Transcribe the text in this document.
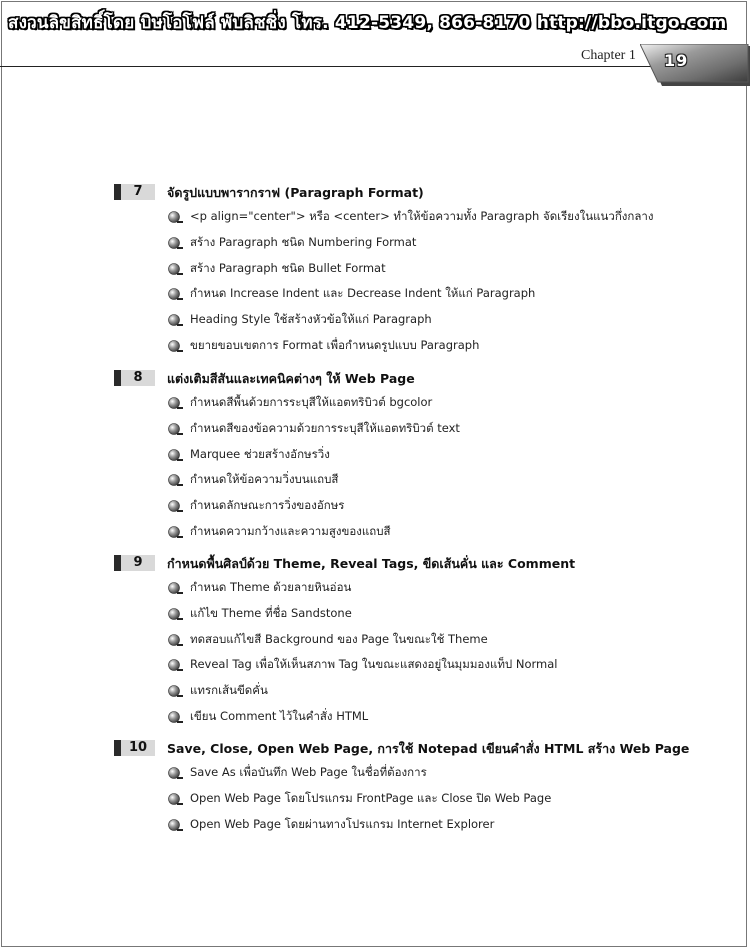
สงวนลิขสิทธิ์โดย บิษโอโฟล์ พับลิชชิ่ง โทร. 412-5349, 866-8170 http://bbo.itgo.com
Chapter 1 19
7	จัดรูปแบบพารากราฟ (Paragraph Format)
<p align="center"> หรือ <center> ทำให้ข้อความทั้ง Paragraph จัดเรียงในแนวกึ่งกลาง
สร้าง Paragraph ชนิด Numbering Format
สร้าง Paragraph ชนิด Bullet Format
กำหนด Increase Indent และ Decrease Indent ให้แก่ Paragraph
Heading Style ใช้สร้างหัวข้อให้แก่ Paragraph
ขยายขอบเขตการ Format เพื่อกำหนดรูปแบบ Paragraph
8	แต่งเติมสีสันและเทคนิคต่างๆ ให้ Web Page
กำหนดสีพื้นด้วยการระบุสีให้แอตทริบิวต์ bgcolor
กำหนดสีของข้อความด้วยการระบุสีให้แอตทริบิวต์ text
Marquee ช่วยสร้างอักษรวิ่ง
กำหนดให้ข้อความวิ่งบนแถบสี
กำหนดลักษณะการวิ่งของอักษร
กำหนดความกว้างและความสูงของแถบสี
9	กำหนดพื้นศิลป์ด้วย Theme, Reveal Tags, ขีดเส้นคั่น และ Comment
กำหนด Theme ด้วยลายหินอ่อน
แก้ไข Theme ที่ชื่อ Sandstone
ทดสอบแก้ไขสี Background ของ Page ในขณะใช้ Theme
Reveal Tag เพื่อให้เห็นสภาพ Tag ในขณะแสดงอยู่ในมุมมองแท็ป Normal
แทรกเส้นขีดคั่น
เขียน Comment ไว้ในคำสั่ง HTML
10	Save, Close, Open Web Page, การใช้ Notepad เขียนคำสั่ง HTML สร้าง Web Page
Save As เพื่อบันทึก Web Page ในชื่อที่ต้องการ
Open Web Page โดยโปรแกรม FrontPage และ Close ปิด Web Page
Open Web Page โดยผ่านทางโปรแกรม Internet Explorer
